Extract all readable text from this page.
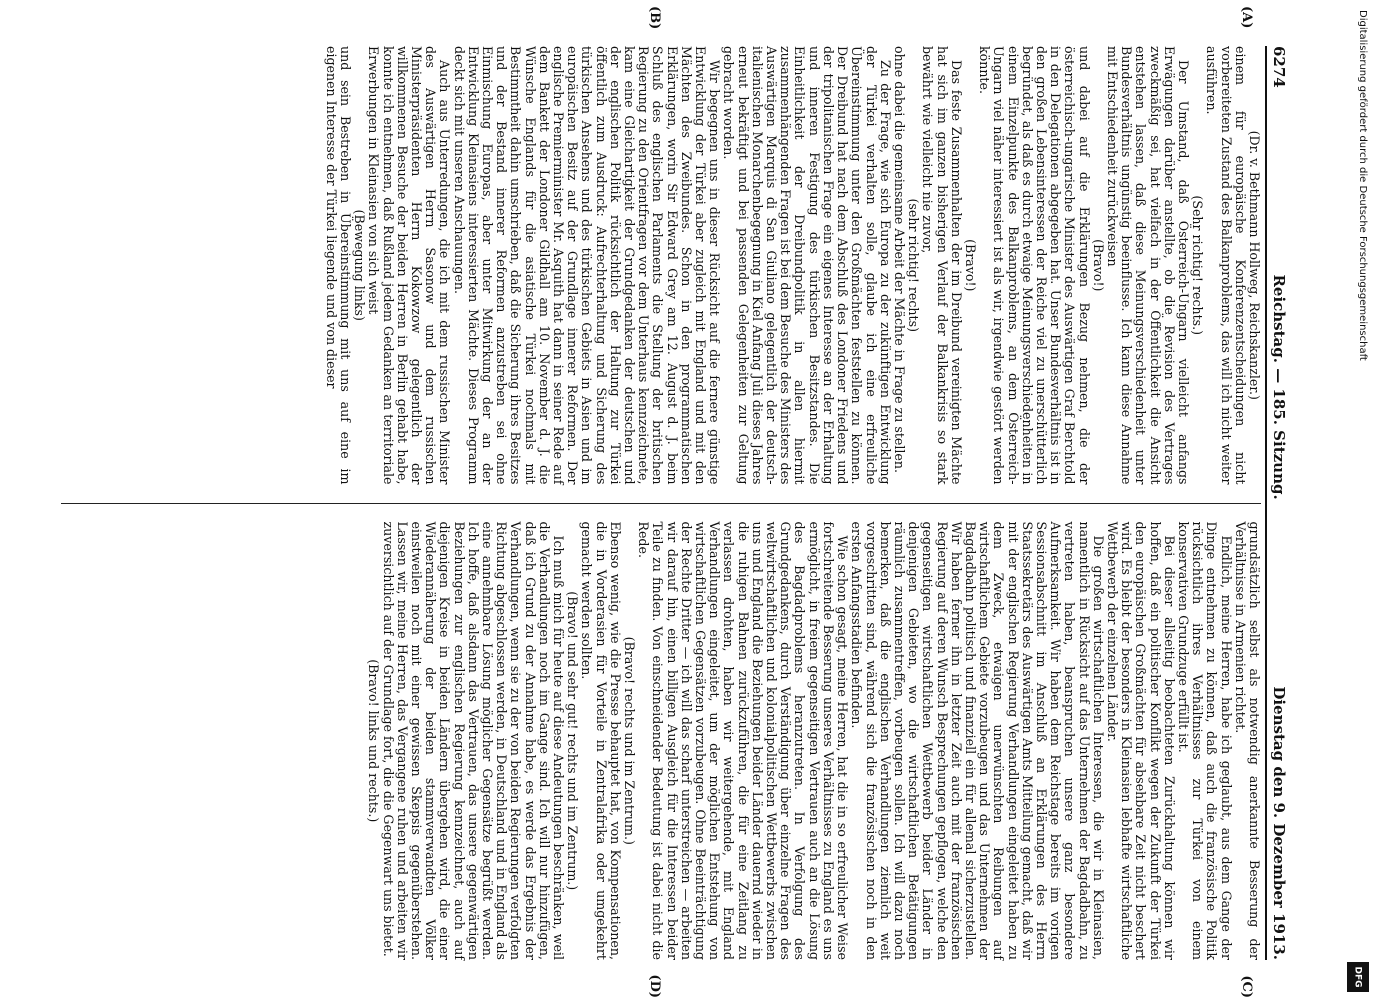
6274
Reichstag. — 185. Sitzung.
Dienstag den 9. Dezember 1913.
(A)
(B)

(Dr. v. Bethmann Hollweg, Reichskanzler.)

einem für europäische Konferenzentscheidungen nicht vorbereiteten Zustand des Balkanproblems, das will ich nicht weiter ausführen.

(Sehr richtig! rechts.)

Der Umstand, daß Österreich-Ungarn vielleicht anfangs Erwägungen darüber anstellte, ob die Revision des Vertrages zweckmäßig sei, hat vielfach in der Öffentlichkeit die Ansicht entstehen lassen, daß diese Meinungsverschiedenheit unter Bundesverhältnis ungünstig beeinflusse. Ich kann diese Annahme mit Entschiedenheit zurückweisen

(Bravo!)

und dabei auf die Erklärungen Bezug nehmen, die der österreichisch-ungarische Minister des Auswärtigen Graf Berchtold in den Delegationen abgegeben hat. Unser Bundesverhältnis ist in den großen Lebensinteressen der Reiche viel zu unerschütterlich begründet, als daß es durch etwaige Meinungsverschiedenheiten in einem Einzelpunkte des Balkanproblems, an dem Österreich-Ungarn viel näher interessiert ist als wir, irgendwie gestört werden könnte.

(Bravo!)

Das feste Zusammenhalten der im Dreibund vereinigten Mächte hat sich im ganzen bisherigen Verlauf der Balkankrisis so stark bewährt wie vielleicht nie zuvor,

(sehr richtig! rechts)

ohne dabei die gemeinsame Arbeit der Mächte in Frage zu stellen.

Zu der Frage, wie sich Europa zu der zukünftigen Entwicklung der Türkei verhalten solle, glaube ich eine erfreuliche Übereinstimmung unter den Großmächten feststellen zu können. Der Dreibund hat nach dem Abschluß des Londoner Friedens und der tripolitanischen Frage ein eigenes Interesse an der Erhaltung und inneren Festigung des türkischen Besitzstandes. Die Einheitlichkeit der Dreibundpolitik in allen hiermit zusammenhängenden Fragen ist bei dem Besuche des Ministers des Auswärtigen Marquis di San Giuliano gelegentlich der deutsch-italienischen Monarchenbegegnung in Kiel Anfang Juli dieses Jahres erneut bekräftigt und bei passenden Gelegenheiten zur Geltung gebracht worden.

Wir begegnen uns in dieser Rücksicht auf die fernere günstige Entwicklung der Türkei aber zugleich mit England und mit den Mächten des Zweibundes. Schon in den programmatischen Erklärungen, worin Sir Edward Grey am 12. August d. J. beim Schluß des englischen Parlaments die Stellung der britischen Regierung zu den Orientfragen vor dem Unterhaus kennzeichnete, kam eine Gleichartigkeit der Grundgedanken der deutschen und der englischen Politik rücksichtlich der Haltung zur Türkei öffentlich zum Ausdruck: Aufrechterhaltung und Sicherung des türkischen Ansehens und des türkischen Gebiets in Asien und im europäischen Besitz auf der Grundlage innerer Reformen. Der englische Premierminister Mr. Asquith hat dann in seiner Rede auf dem Bankett der Londoner Gildhall am 10. November d. J. die Wünsche Englands für die asiatische Türkei nochmals mit Bestimmtheit dahin umschrieben, daß die Sicherung ihres Besitzes und der Bestand innerer Reformen anzustreben sei ohne Einmischung Europas, aber unter Mitwirkung der an der Entwicklung Kleinasiens interessierten Mächte. Dieses Programm deckt sich mit unseren Anschauungen.

Auch aus Unterredungen, die ich mit dem russischen Minister des Auswärtigen Herrn Sasonow und dem russischen Ministerpräsidenten Herrn Kokowzow gelegentlich der willkommenen Besuche der beiden Herren in Berlin gehabt habe, konnte ich entnehmen, daß Rußland jedem Gedanken an territoriale Erwerbungen in Kleinasien von sich weist

(Bewegung links)

und sein Bestreben in Übereinstimmung mit uns auf eine im eigenen Interesse der Türkei liegende und von dieser

(C)
(D)

grundsätzlich selbst als notwendig anerkannte Besserung der Verhältnisse in Armenien richtet.

Endlich, meine Herren, habe ich geglaubt, aus dem Gange der Dinge entnehmen zu können, daß auch die französische Politik rücksichtlich ihres Verhältnisses zur Türkei von einem konservativen Grundzuge erfüllt ist.

Bei dieser allseitig beobachteten Zurückhaltung können wir hoffen, daß ein politischer Konflikt wegen der Zukunft der Türkei den europäischen Großmächten für absehbare Zeit nicht beschert wird. Es bleibt der besonders in Kleinasien lebhafte wirtschaftliche Wettbewerb der einzelnen Länder.

Die großen wirtschaftlichen Interessen, die wir in Kleinasien, namentlich in Rücksicht auf das Unternehmen der Bagdadbahn, zu vertreten haben, beanspruchen unsere ganz besondere Aufmerksamkeit. Wir haben dem Reichstage bereits im vorigen Sessionsabschnitt im Anschluß an Erklärungen des Herrn Staatssekretärs des Auswärtigen Amts Mitteilung gemacht, daß wir mit der englischen Regierung Verhandlungen eingeleitet haben zu dem Zweck, etwaigen unerwünschten Reibungen auf wirtschaftlichem Gebiete vorzubeugen und das Unternehmen der Bagdadbahn politisch und finanziell ein für allemal sicherzustellen. Wir haben ferner ihn in letzter Zeit auch mit der französischen Regierung auf deren Wunsch Besprechungen gepflogen, welche den gegenseitigen wirtschaftlichen Wettbewerb beider Länder in denjenigen Gebieten, wo die wirtschaftlichen Betätigungen räumlich zusammentreffen, vorbeugen sollen. Ich will dazu noch bemerken, daß die englischen Verhandlungen ziemlich weit vorgeschritten sind, während sich die französischen noch in den ersten Anfangsstadien befinden.

Wie schon gesagt, meine Herren, hat die in so erfreulicher Weise fortschreitende Besserung unseres Verhältnisses zu England es uns ermöglicht, in freiem gegenseitigen Vertrauen auch an die Lösung des Bagdadproblems heranzutreten. In Verfolgung des Grundgedankens, durch Verständigung über einzelne Fragen des weltwirtschaftlichen und kolonialpolitischen Wettbewerbs zwischen uns und England die Beziehungen beider Länder dauernd wieder in die ruhigen Bahnen zurückzuführen, die für eine Zeitlang zu verlassen drohten, haben wir weitergehende, mit England Verhandlungen eingeleitet, um der möglichen Entstehung von wirtschaftlichen Gegensätzen vorzubeugen. Ohne Beeinträchtigung der Rechte Dritter — ich will das scharf unterstreichen — arbeiten wir darauf hin, einen billigen Ausgleich für die Interessen beider Teile zu finden. Von einschneidender Bedeutung ist dabei nicht die Rede.

(Bravo! rechts und im Zentrum.)

Ebenso wenig, wie die Presse behauptet hat, von Kompensationen, die in Vorderasien für Vorteile in Zentralafrika oder umgekehrt gemacht werden sollten.

(Bravo! und sehr gut! rechts und im Zentrum.)

Ich muß mich für heute auf diese Andeutungen beschränken, weil die Verhandlungen noch im Gange sind. Ich will nur hinzufügen, daß ich Grund zu der Annahme habe, es werde das Ergebnis der Verhandlungen, wenn sie zu der von beiden Regierungen verfolgten Richtung abgeschlossen werden, in Deutschland und in England als eine annehmbare Lösung möglicher Gegensätze begrüßt werden. Ich hoffe, daß alsdann das Vertrauen, das unsere gegenwärtigen Beziehungen zur englischen Regierung kennzeichnet, auch auf diejenigen Kreise in beiden Ländern übergehen wird, die einer Wiederannäherung der beiden stammverwandten Völker einstweilen noch mit einer gewissen Skepsis gegenüberstehen. Lassen wir, meine Herren, das Vergangene ruhen und arbeiten wir zuversichtlich auf der Grundlage fort, die die Gegenwart uns bietet.

(Bravo! links und rechts.)

Digitalisierung gefördert durch die Deutsche Forschungsgemeinschaft
DFG
